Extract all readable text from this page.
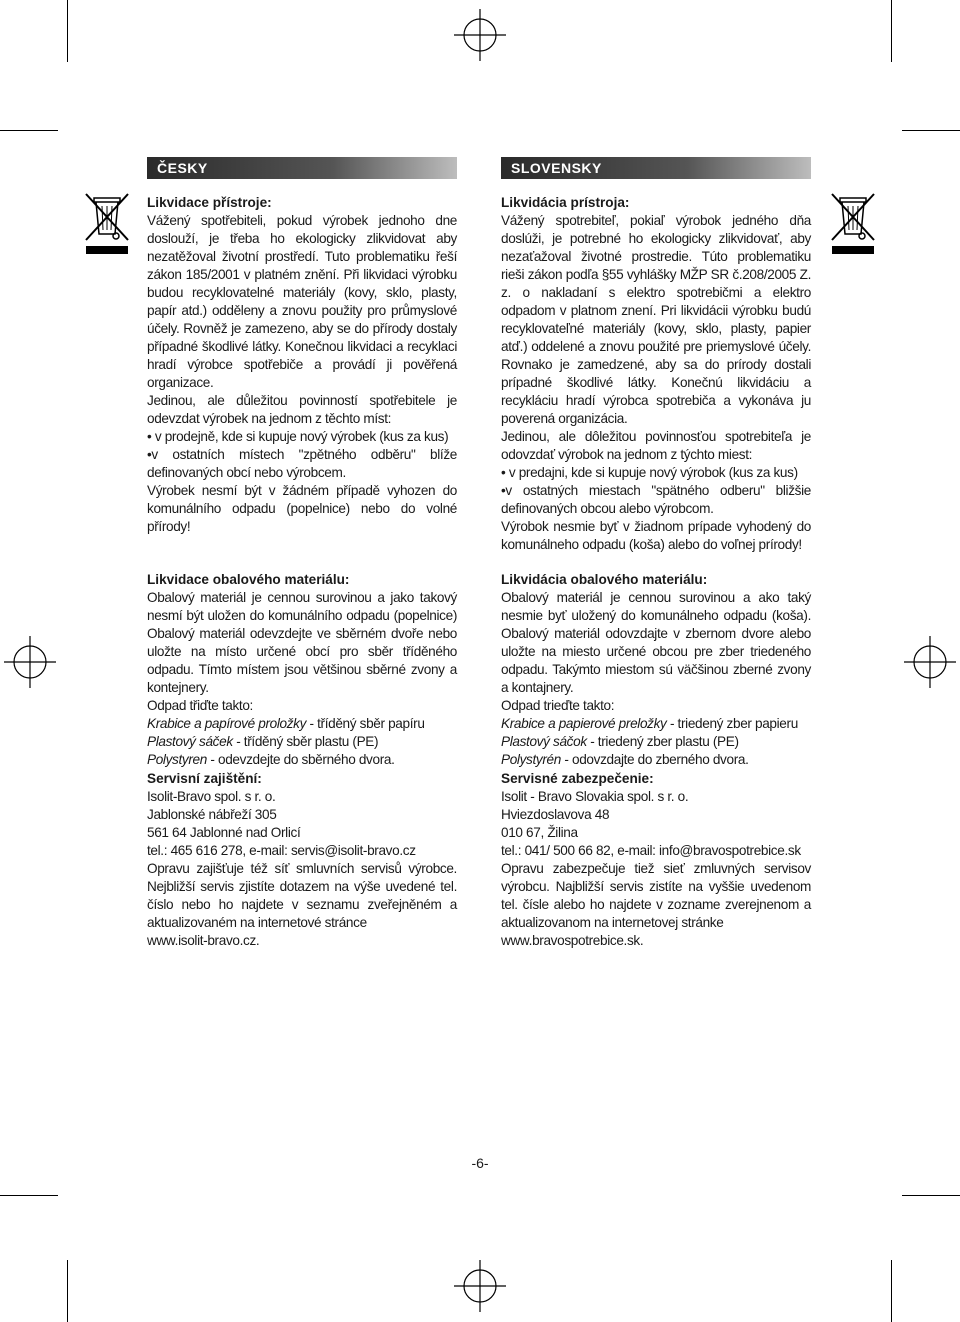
ČESKY	SLOVENSKY
Likvidace přístroje:

Vážený spotřebiteli, pokud výrobek jednoho dne doslouží, je třeba ho ekologicky zlikvidovat aby nezatěžoval životní prostředí. Tuto problematiku řeší zákon 185/2001 v platném znění. Při likvidaci výrobku budou recyklovatelné materiály (kovy, sklo, plasty, papír atd.) odděleny a znovu použity pro průmyslové účely. Rovněž je zamezeno, aby se do přírody dostaly případné škodlivé látky. Konečnou likvidaci a recyklaci hradí výrobce spotřebiče a provádí ji pověřená organizace.

Jedinou, ale důležitou povinností spotřebitele je odevzdat výrobek na jednom z těchto míst:

• v prodejně, kde si kupuje nový výrobek (kus za kus)

•v ostatních místech "zpětného odběru" blíže definovaných obcí nebo výrobcem.

Výrobek nesmí být v žádném případě vyhozen do komunálního odpadu (popelnice) nebo do volné přírody!

Likvidace obalového materiálu:

Obalový materiál je cennou surovinou a jako takový nesmí být uložen do komunálního odpadu (popelnice) Obalový materiál odevzdejte ve sběrném dvoře nebo uložte na místo určené obcí pro sběr tříděného odpadu. Tímto místem jsou většinou sběrné zvony a kontejnery.

Odpad třiďte takto:

Krabice a papírové proložky - tříděný sběr papíru

Plastový sáček - tříděný sběr plastu (PE)

Polystyren - odevzdejte do sběrného dvora.

Servisní zajištění:

Isolit-Bravo spol. s r. o.

Jablonské nábřeží 305

561 64 Jablonné nad Orlicí

tel.: 465 616 278, e-mail: servis@isolit-bravo.cz

Opravu zajišťuje též síť smluvních servisů výrobce. Nejbližší servis zjistíte dotazem na výše uvedené tel. číslo nebo ho najdete v seznamu zveřejněném a aktualizovaném na internetové stránce

www.isolit-bravo.cz.

Likvidácia prístroja:

Vážený spotrebiteľ, pokiaľ výrobok jedného dňa doslúži, je potrebné ho ekologicky zlikvidovať, aby nezaťažoval životné prostredie. Túto problematiku rieši zákon podľa §55 vyhlášky MŽP SR č.208/2005 Z. z. o nakladaní s elektro spotrebičmi a elektro odpadom v platnom znení. Pri likvidácii výrobku budú recyklovateľné materiály (kovy, sklo, plasty, papier atď.) oddelené a znovu použité pre priemyslové účely. Rovnako je zamedzené, aby sa do prírody dostali prípadné škodlivé látky. Konečnú likvidáciu a recykláciu hradí výrobca spotrebiča a vykonáva ju poverená organizácia.

Jedinou, ale dôležitou povinnosťou spotrebiteľa je odovzdať výrobok na jednom z týchto miest:

• v predajni, kde si kupuje nový výrobok (kus za kus)

•v ostatných miestach "spätného odberu" bližšie definovaných obcou alebo výrobcom.

Výrobok nesmie byť v žiadnom prípade vyhodený do komunálneho odpadu (koša) alebo do voľnej prírody!

Likvidácia obalového materiálu:

Obalový materiál je cennou surovinou a ako taký nesmie byť uložený do komunálneho odpadu (koša). Obalový materiál odovzdajte v zbernom dvore alebo uložte na miesto určené obcou pre zber triedeného odpadu. Takýmto miestom sú väčšinou zberné zvony a kontajnery.

Odpad trieďte takto:

Krabice a papierové preložky - triedený zber papieru

Plastový sáčok - triedený zber plastu (PE)

Polystyrén - odovzdajte do zberného dvora.

Servisné zabezpečenie:

Isolit - Bravo Slovakia spol. s r. o.

Hviezdoslavova 48

010 67, Žilina

tel.: 041/ 500 66 82, e-mail: info@bravospotrebice.sk

Opravu zabezpečuje tiež sieť zmluvných servisov výrobcu. Najbližší servis zistíte na vyššie uvedenom tel. čísle alebo ho najdete v zozname zverejnenom a aktualizovanom na internetovej stránke

www.bravospotrebice.sk.

-6-
